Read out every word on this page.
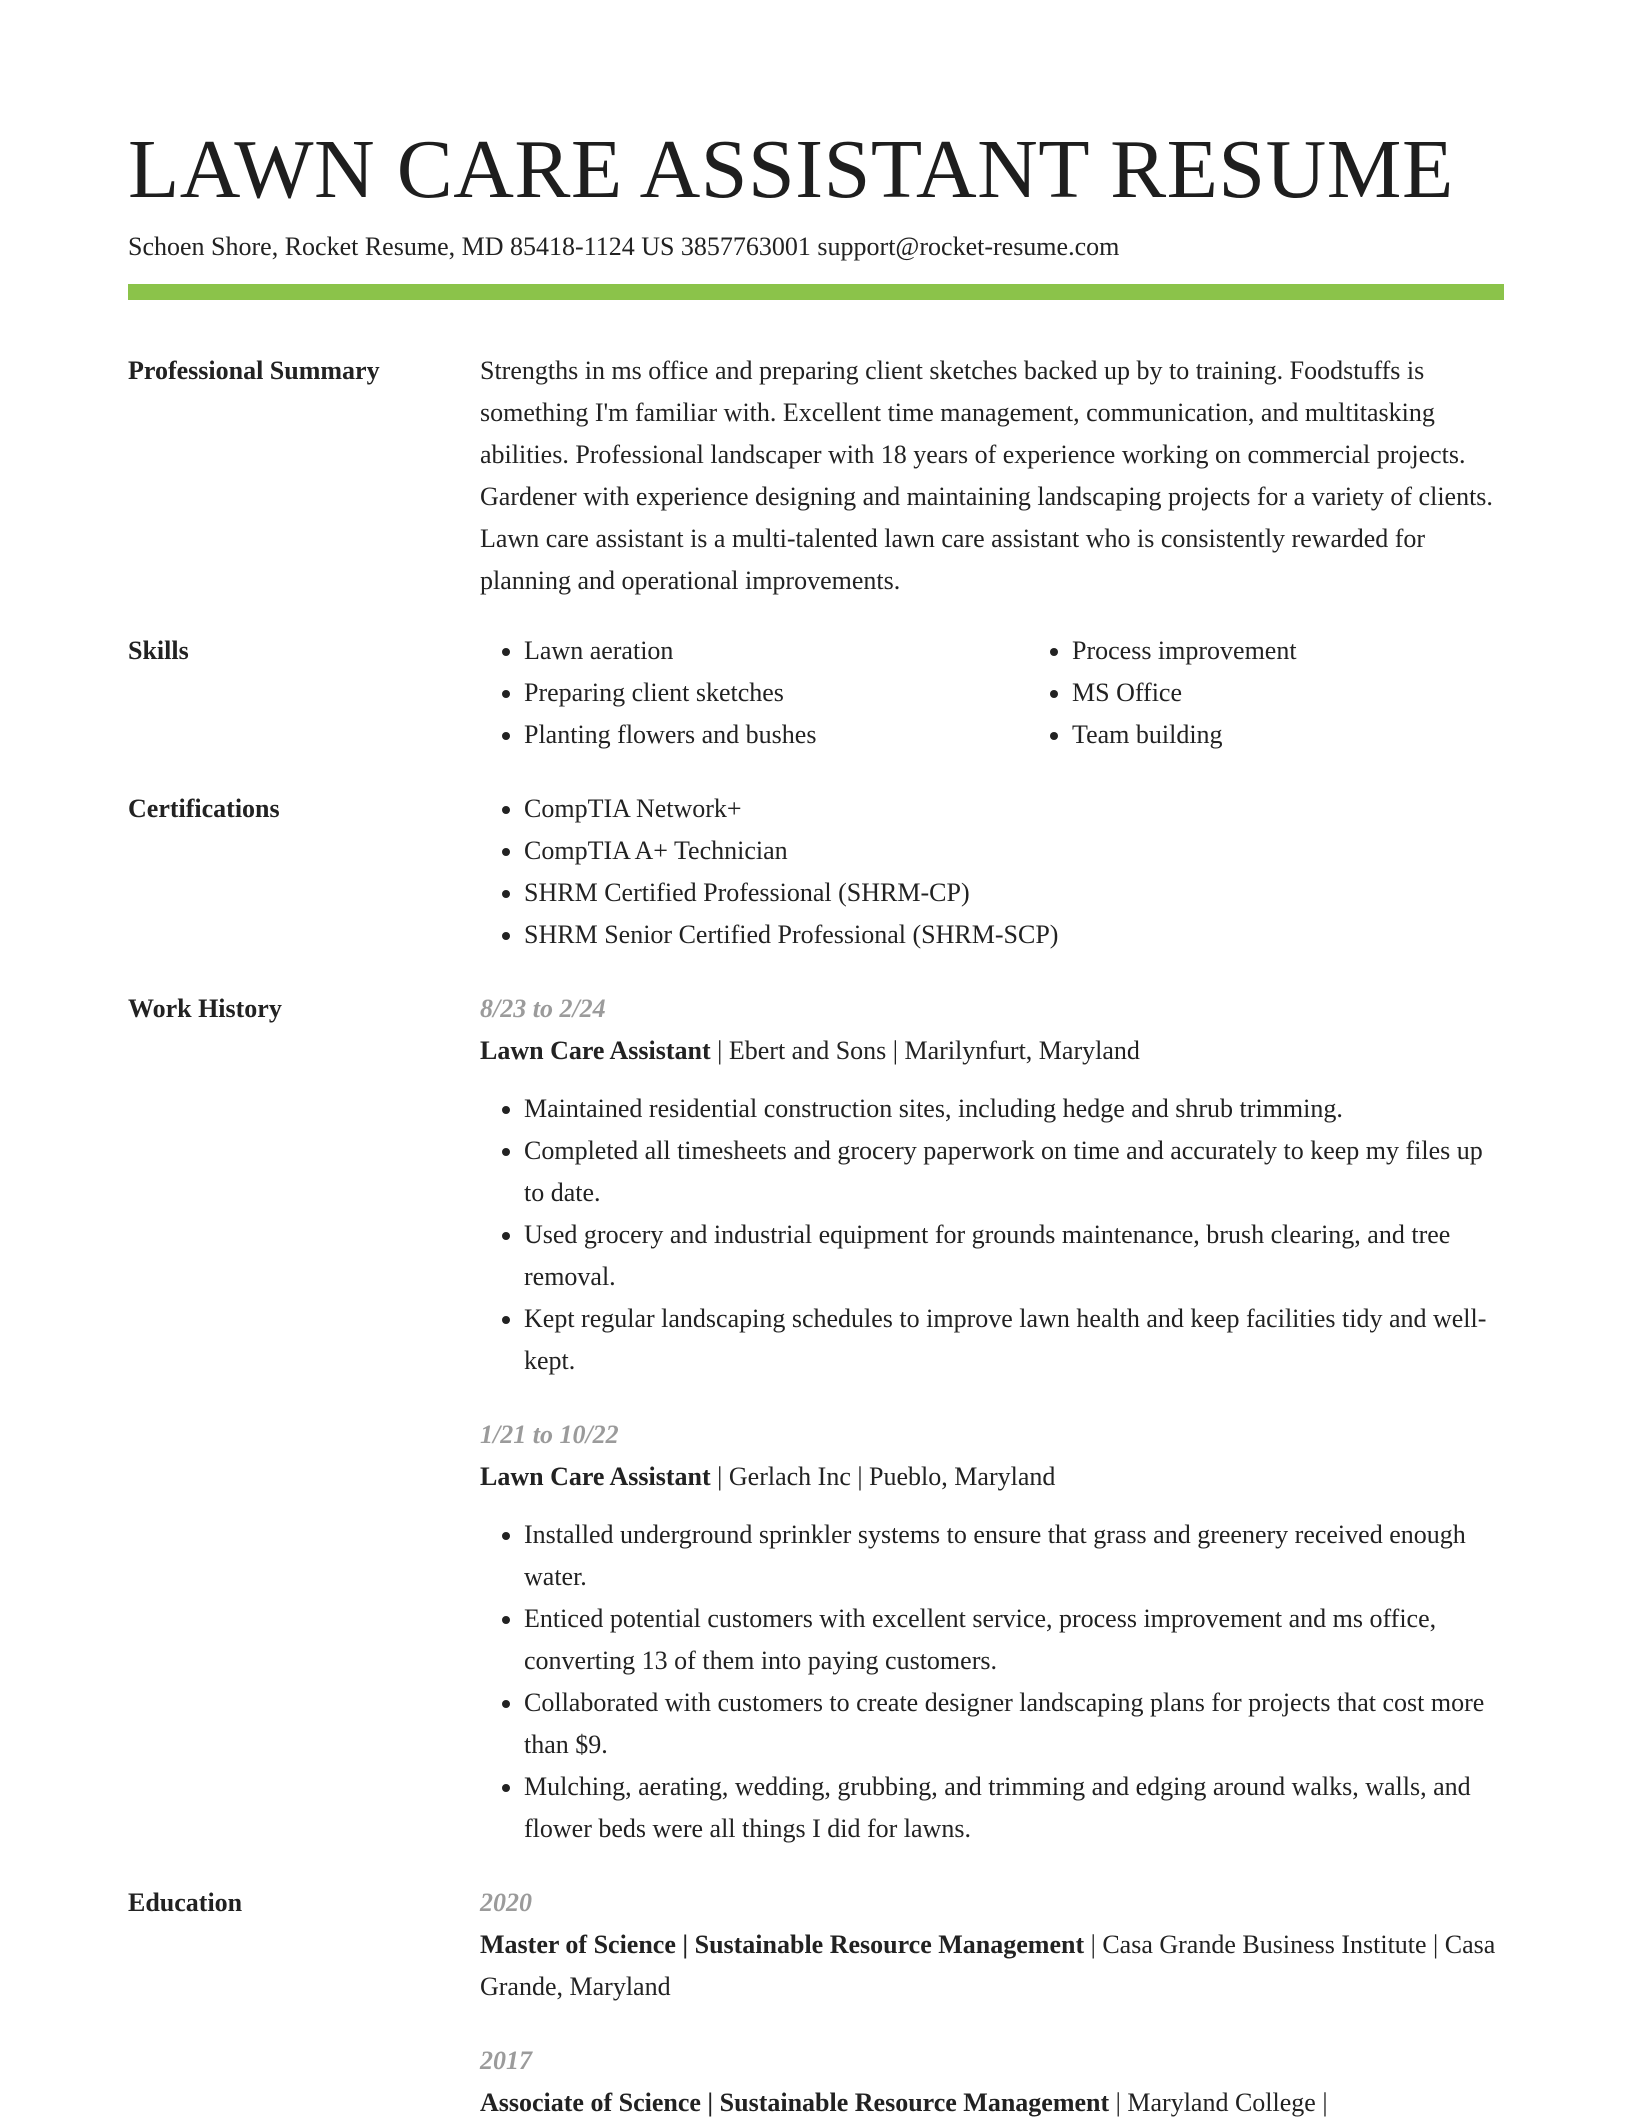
LAWN CARE ASSISTANT RESUME
Schoen Shore, Rocket Resume, MD 85418-1124 US 3857763001 support@rocket-resume.com
Professional Summary	Strengths in ms office and preparing client sketches backed up by to training. Foodstuffs is something I'm familiar with. Excellent time management, communication, and multitasking abilities. Professional landscaper with 18 years of experience working on commercial projects. Gardener with experience designing and maintaining landscaping projects for a variety of clients. Lawn care assistant is a multi-talented lawn care assistant who is consistently rewarded for planning and operational improvements.

Skills	• Lawn aeration
• Preparing client sketches
• Planting flowers and bushes
• Process improvement
• MS Office
• Team building
Certifications	• CompTIA Network+
• CompTIA A+ Technician
• SHRM Certified Professional (SHRM-CP)
• SHRM Senior Certified Professional (SHRM-SCP)
Work History	8/23 to 2/24
Lawn Care Assistant | Ebert and Sons | Marilynfurt, Maryland
• Maintained residential construction sites, including hedge and shrub trimming.
• Completed all timesheets and grocery paperwork on time and accurately to keep my files up to date.
• Used grocery and industrial equipment for grounds maintenance, brush clearing, and tree removal.
• Kept regular landscaping schedules to improve lawn health and keep facilities tidy and well-kept.
1/21 to 10/22
Lawn Care Assistant | Gerlach Inc | Pueblo, Maryland
• Installed underground sprinkler systems to ensure that grass and greenery received enough water.
• Enticed potential customers with excellent service, process improvement and ms office, converting 13 of them into paying customers.
• Collaborated with customers to create designer landscaping plans for projects that cost more than $9.
• Mulching, aerating, wedding, grubbing, and trimming and edging around walks, walls, and flower beds were all things I did for lawns.
Education	2020
Master of Science | Sustainable Resource Management | Casa Grande Business Institute | Casa Grande, Maryland
2017
Associate of Science | Sustainable Resource Management | Maryland College |
